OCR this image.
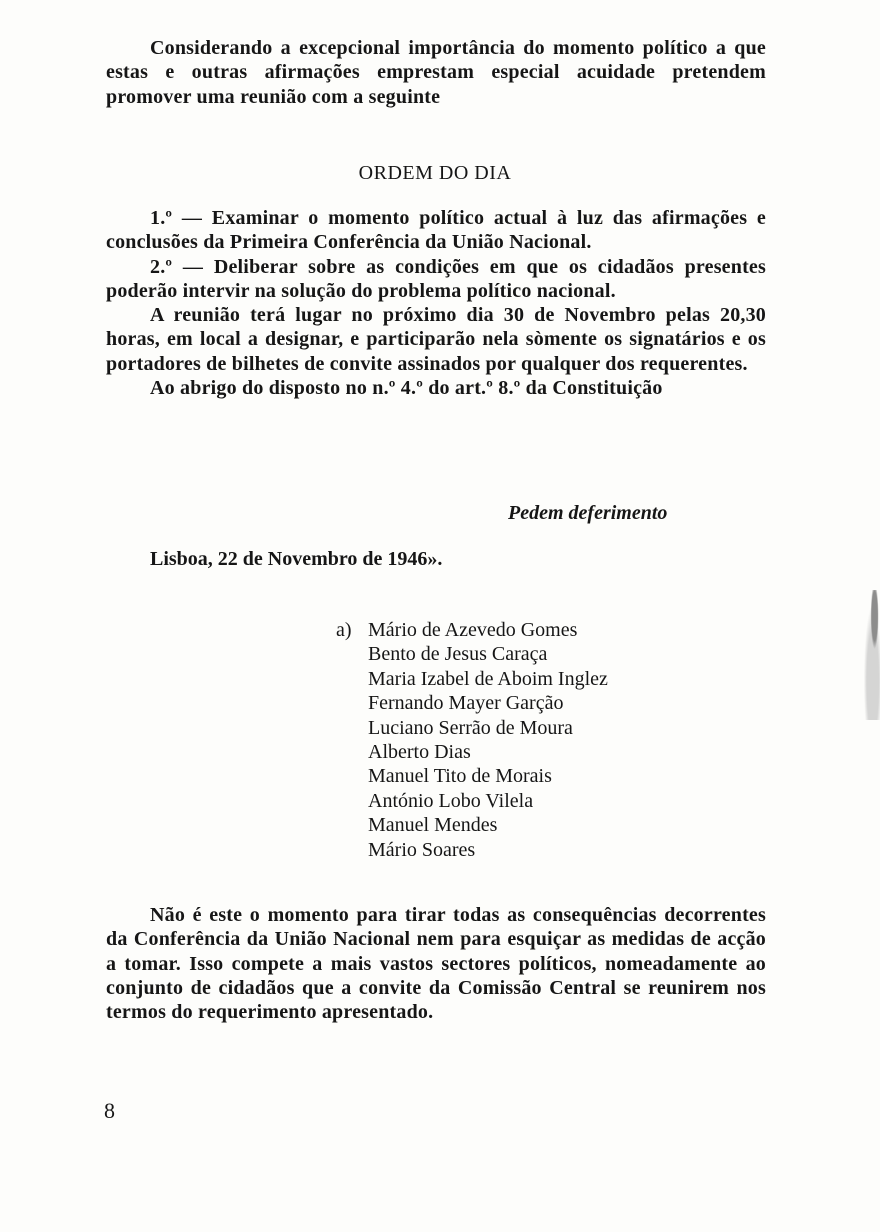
Considerando a excepcional importância do momento político a que estas e outras afirmações emprestam especial acuidade pretendem promover uma reunião com a seguinte

ORDEM DO DIA

1.º — Examinar o momento político actual à luz das afirmações e conclusões da Primeira Conferência da União Nacional.

2.º — Deliberar sobre as condições em que os cidadãos presentes poderão intervir na solução do problema político nacional.

A reunião terá lugar no próximo dia 30 de Novembro pelas 20,30 horas, em local a designar, e participarão nela sòmente os signatários e os portadores de bilhetes de convite assinados por qualquer dos requerentes.

Ao abrigo do disposto no n.º 4.º do art.º 8.º da Constituição

Pedem deferimento
Lisboa, 22 de Novembro de 1946».
a) Mário de Azevedo Gomes
Bento de Jesus Caraça
Maria Izabel de Aboim Inglez
Fernando Mayer Garção
Luciano Serrão de Moura
Alberto Dias
Manuel Tito de Morais
António Lobo Vilela
Manuel Mendes
Mário Soares

Não é este o momento para tirar todas as consequências decorrentes da Conferência da União Nacional nem para esquiçar as medidas de acção a tomar. Isso compete a mais vastos sectores políticos, nomeadamente ao conjunto de cidadãos que a convite da Comissão Central se reunirem nos termos do requerimento apresentado.

8
